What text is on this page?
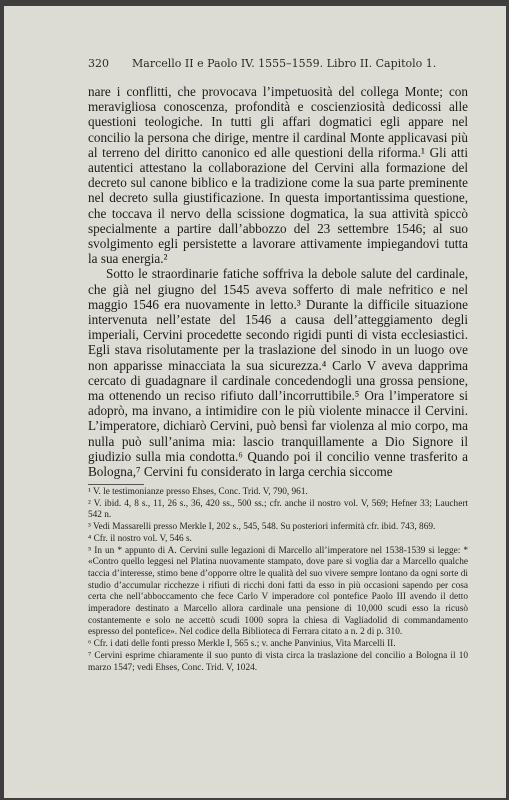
320 Marcello II e Paolo IV. 1555–1559. Libro II. Capitolo 1.

nare i conflitti, che provocava l’impetuosità del collega Monte; con meravigliosa conoscenza, profondità e coscienziosità dedicossi alle questioni teologiche. In tutti gli affari dogmatici egli appare nel concilio la persona che dirige, mentre il cardinal Monte applicavasi più al terreno del diritto canonico ed alle questioni della riforma.¹ Gli atti autentici attestano la collaborazione del Cervini alla formazione del decreto sul canone biblico e la tradizione come la sua parte preminente nel decreto sulla giustificazione. In questa importantissima questione, che toccava il nervo della scissione dogmatica, la sua attività spiccò specialmente a partire dall’abbozzo del 23 settembre 1546; al suo svolgimento egli persistette a lavorare attivamente impiegandovi tutta la sua energia.²

Sotto le straordinarie fatiche soffriva la debole salute del cardinale, che già nel giugno del 1545 aveva sofferto di male nefritico e nel maggio 1546 era nuovamente in letto.³ Durante la difficile situazione intervenuta nell’estate del 1546 a causa dell’atteggiamento degli imperiali, Cervini procedette secondo rigidi punti di vista ecclesiastici. Egli stava risolutamente per la traslazione del sinodo in un luogo ove non apparisse minacciata la sua sicurezza.⁴ Carlo V aveva dapprima cercato di guadagnare il cardinale concedendogli una grossa pensione, ma ottenendo un reciso rifiuto dall’incorruttibile.⁵ Ora l’imperatore si adoprò, ma invano, a intimidire con le più violente minacce il Cervini. L’imperatore, dichiarò Cervini, può bensì far violenza al mio corpo, ma nulla può sull’anima mia: lascio tranquillamente a Dio Signore il giudizio sulla mia condotta.⁶ Quando poi il concilio venne trasferito a Bologna,⁷ Cervini fu considerato in larga cerchia siccome

¹ V. le testimonianze presso Ehses, Conc. Trid. V, 790, 961.

² V. ibid. 4, 8 s., 11, 26 s., 36, 420 ss., 500 ss.; cfr. anche il nostro vol. V, 569; Hefner 33; Lauchert 542 n.

³ Vedi Massarelli presso Merkle I, 202 s., 545, 548. Su posteriori infermità cfr. ibid. 743, 869.

⁴ Cfr. il nostro vol. V, 546 s.

⁵ In un * appunto di A. Cervini sulle legazioni di Marcello all’imperatore nel 1538-1539 si legge: * «Contro quello leggesi nel Platina nuovamente stampato, dove pare si voglia dar a Marcello qualche taccia d’interesse, stimo bene d’opporre oltre le qualità del suo vivere sempre lontano da ogni sorte di studio d’accumular ricchezze i rifiuti di ricchi doni fatti da esso in più occasioni sapendo per cosa certa che nell’abboccamento che fece Carlo V imperadore col pontefice Paolo III avendo il detto imperadore destinato a Marcello allora cardinale una pensione di 10,000 scudi esso la ricusò costantemente e solo ne accettò scudi 1000 sopra la chiesa di Vagliadolid di commandamento espresso del pontefice». Nel codice della Biblioteca di Ferrara citato a n. 2 di p. 310.

⁶ Cfr. i dati delle fonti presso Merkle I, 565 s.; v. anche Panvinius, Vita Marcelli II.

⁷ Cervini esprime chiaramente il suo punto di vista circa la traslazione del concilio a Bologna il 10 marzo 1547; vedi Ehses, Conc. Trid. V, 1024.
